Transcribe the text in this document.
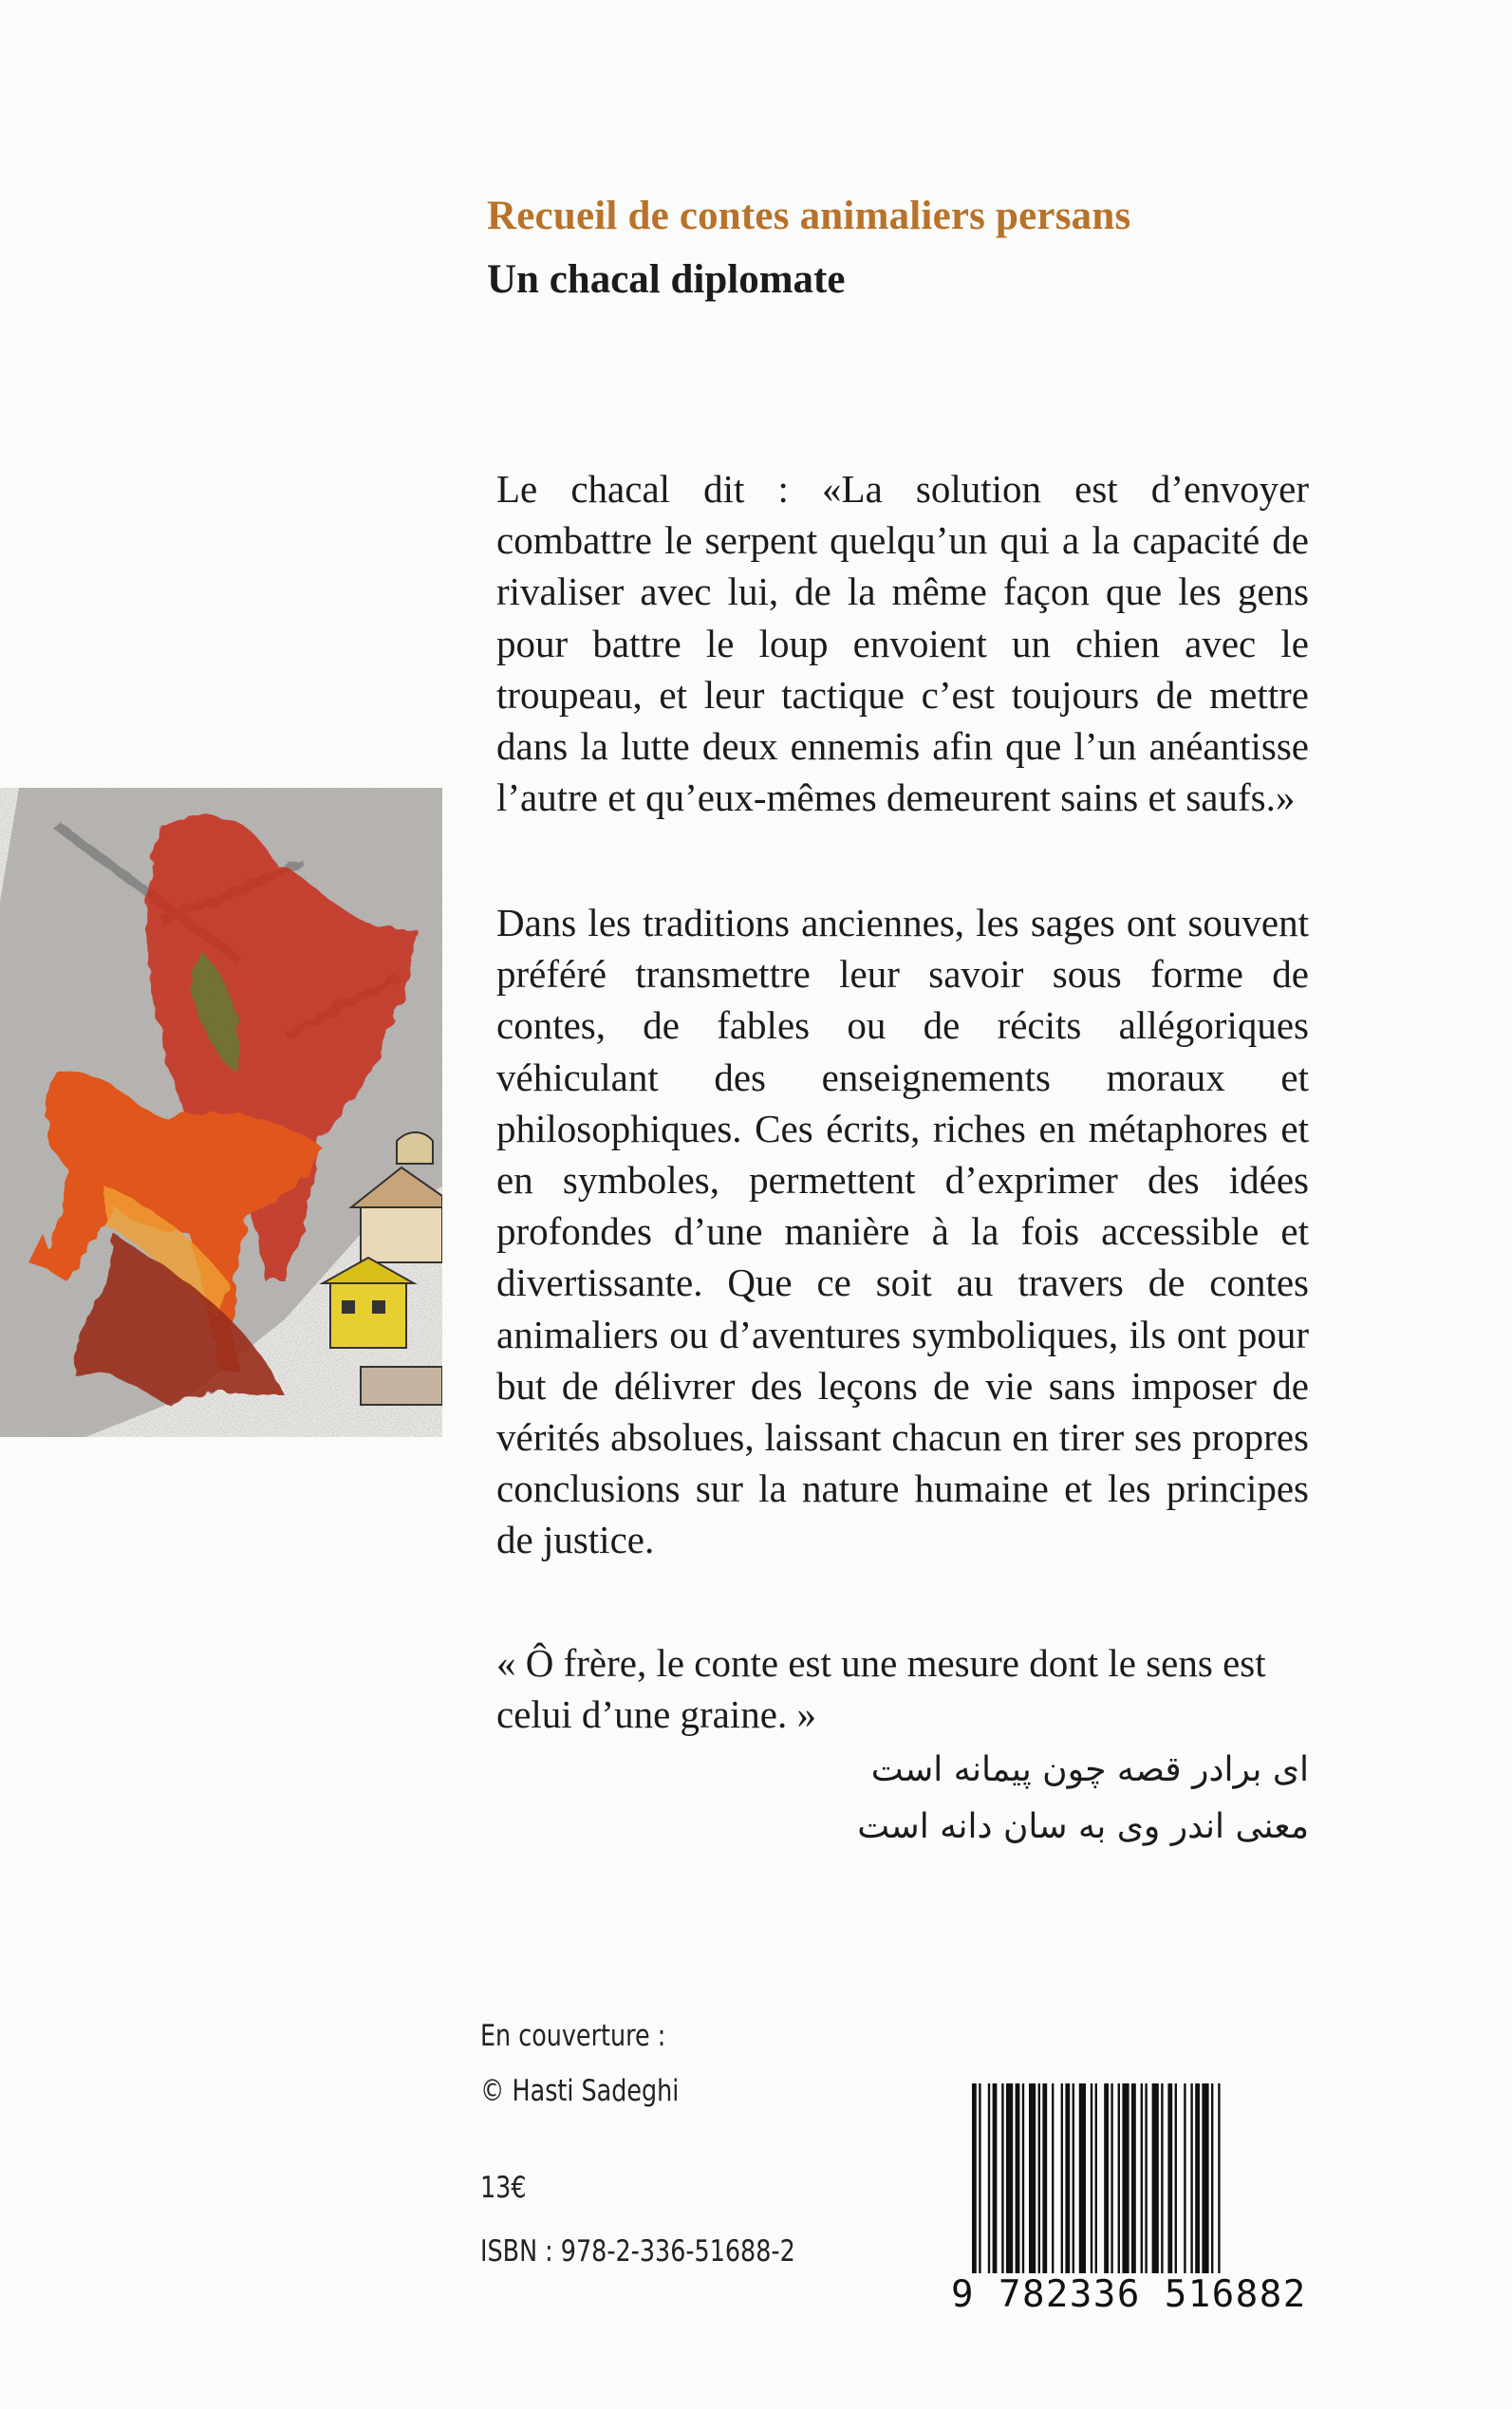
Recueil de contes animaliers persans
Un chacal diplomate
Le chacal dit : «La solution est d’envoyer combattre le serpent quelqu’un qui a la capacité de rivaliser avec lui, de la même façon que les gens pour battre le loup envoient un chien avec le troupeau, et leur tactique c’est toujours de mettre dans la lutte deux ennemis afin que l’un anéantisse l’autre et qu’eux-mêmes demeurent sains et saufs.»
Dans les traditions anciennes, les sages ont souvent préféré transmettre leur savoir sous forme de contes, de fables ou de récits allégoriques véhiculant des enseignements moraux et philosophiques. Ces écrits, riches en métaphores et en symboles, permettent d’exprimer des idées profondes d’une manière à la fois accessible et divertissante. Que ce soit au travers de contes animaliers ou d’aventures symboliques, ils ont pour but de délivrer des leçons de vie sans imposer de vérités absolues, laissant chacun en tirer ses propres conclusions sur la nature humaine et les principes de justice.
« Ô frère, le conte est une mesure dont le sens est celui d’une graine. »
ای برادر قصه چون پیمانه است
معنی اندر وی به سان دانه است
En couverture :
© Hasti Sadeghi
13€
ISBN : 978-2-336-51688-2
9 782336 516882
